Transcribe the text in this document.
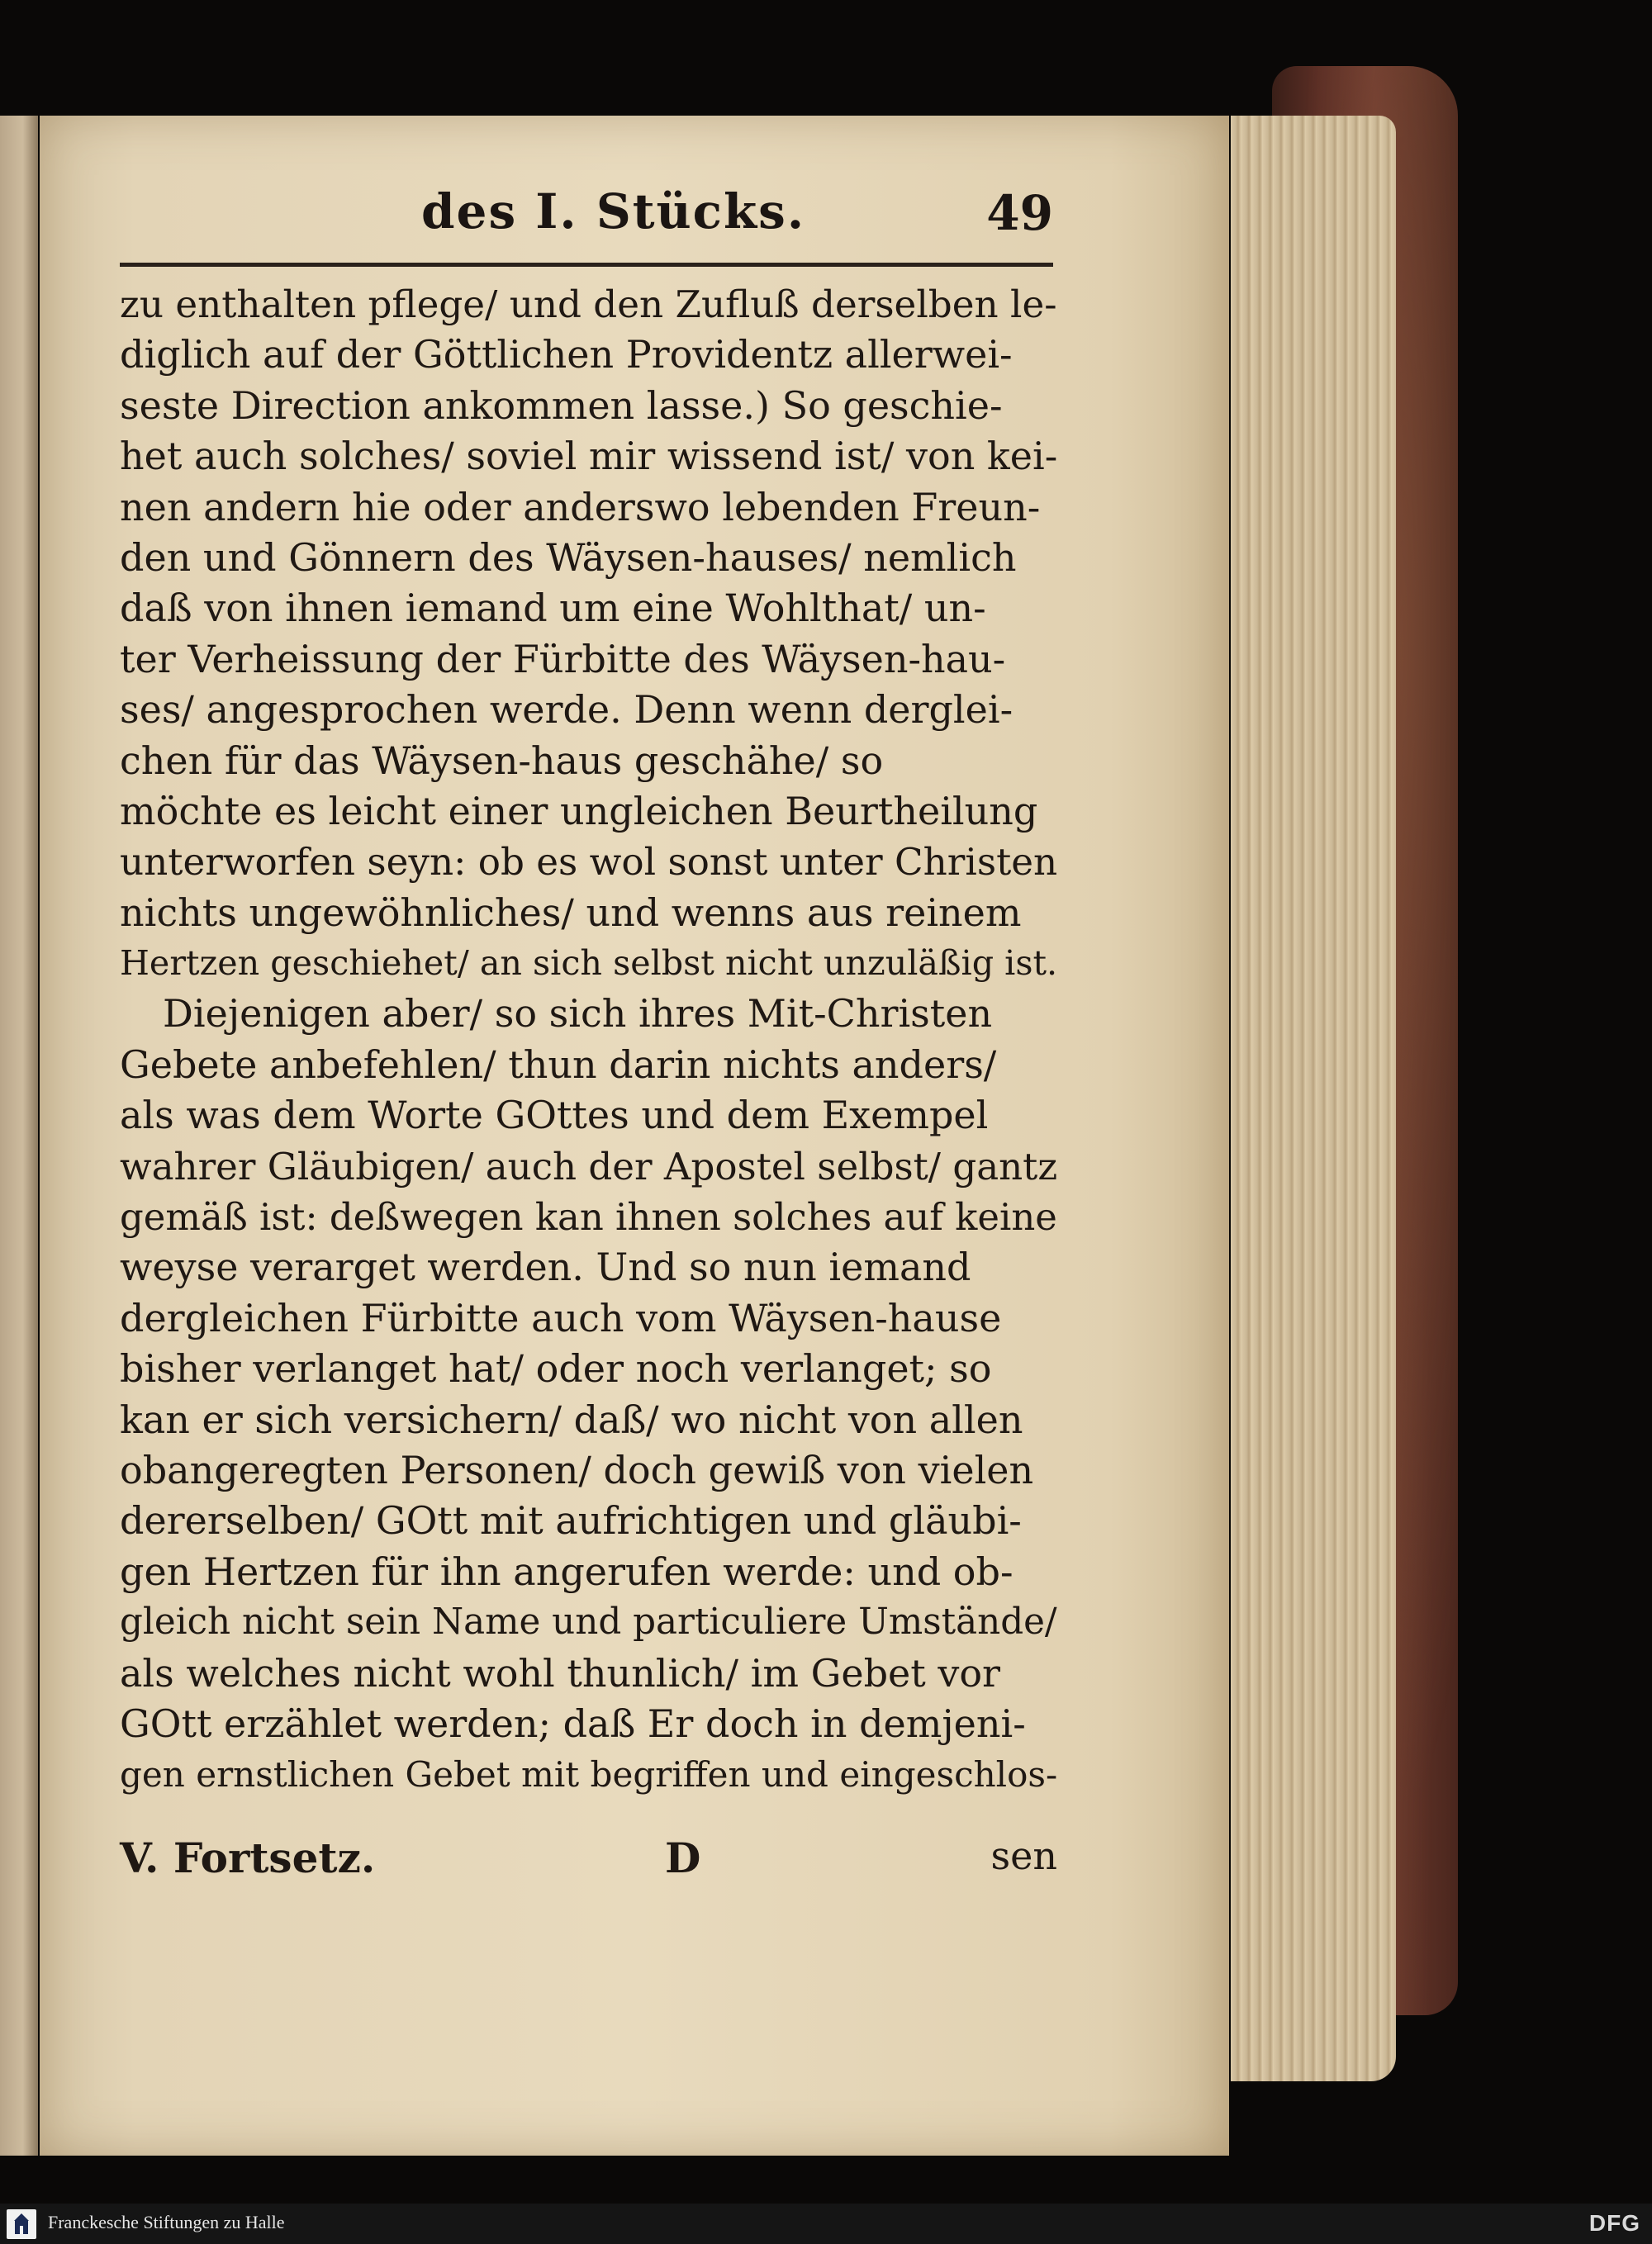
des I. Stücks.	49
zu enthalten pflege/ und den Zufluß derselben le-
diglich auf der Göttlichen Providentz allerwei-
seste Direction ankommen lasse.) So geschie-
het auch solches/ soviel mir wissend ist/ von kei-
nen andern hie oder anderswo lebenden Freun-
den und Gönnern des Wäysen-hauses/ nemlich
daß von ihnen iemand um eine Wohlthat/ un-
ter Verheissung der Fürbitte des Wäysen-hau-
ses/ angesprochen werde. Denn wenn derglei-
chen für das Wäysen-haus geschähe/ so
möchte es leicht einer ungleichen Beurtheilung
unterworfen seyn: ob es wol sonst unter Christen
nichts ungewöhnliches/ und wenns aus reinem
Hertzen geschiehet/ an sich selbst nicht unzuläßig ist.
Diejenigen aber/ so sich ihres Mit-Christen
Gebete anbefehlen/ thun darin nichts anders/
als was dem Worte GOttes und dem Exempel
wahrer Gläubigen/ auch der Apostel selbst/ gantz
gemäß ist: deßwegen kan ihnen solches auf keine
weyse verarget werden. Und so nun iemand
dergleichen Fürbitte auch vom Wäysen-hause
bisher verlanget hat/ oder noch verlanget; so
kan er sich versichern/ daß/ wo nicht von allen
obangeregten Personen/ doch gewiß von vielen
dererselben/ GOtt mit aufrichtigen und gläubi-
gen Hertzen für ihn angerufen werde: und ob-
gleich nicht sein Name und particuliere Umstände/
als welches nicht wohl thunlich/ im Gebet vor
GOtt erzählet werden; daß Er doch in demjeni-
gen ernstlichen Gebet mit begriffen und eingeschlos-
V. Fortsetz.	D	sen
Franckesche Stiftungen zu Halle	DFG
